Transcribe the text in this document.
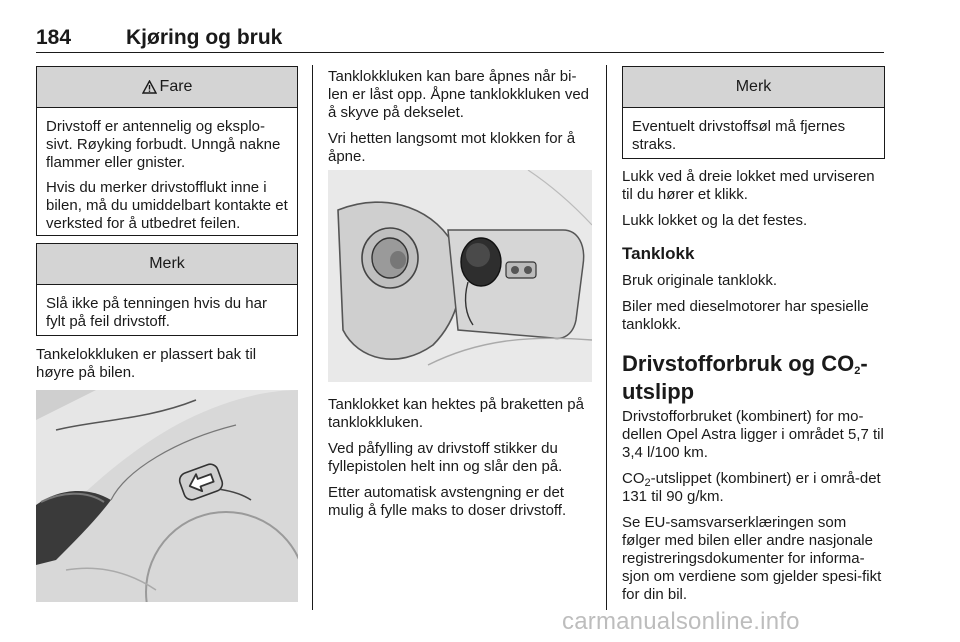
184	Kjøring og bruk
Fare

Drivstoff er antennelig og eksplo-sivt. Røyking forbudt. Unngå nakne flammer eller gnister.

Hvis du merker drivstofflukt inne i bilen, må du umiddelbart kontakte et verksted for å utbedret feilen.

Merk

Slå ikke på tenningen hvis du har fylt på feil drivstoff.

Tankelokkluken er plassert bak til høyre på bilen.

Tanklokkluken kan bare åpnes når bi-len er låst opp. Åpne tanklokkluken ved å skyve på dekselet.

Vri hetten langsomt mot klokken for å åpne.

Tanklokket kan hektes på braketten på tanklokkluken.

Ved påfylling av drivstoff stikker du fyllepistolen helt inn og slår den på.

Etter automatisk avstengning er det mulig å fylle maks to doser drivstoff.

Merk

Eventuelt drivstoffsøl må fjernes straks.

Lukk ved å dreie lokket med urviseren til du hører et klikk.

Lukk lokket og la det festes.

Tanklokk

Bruk originale tanklokk.

Biler med dieselmotorer har spesielle tanklokk.

Drivstofforbruk og $CO_2$-utslipp

Drivstofforbruket (kombinert) for mo-dellen Opel Astra ligger i området 5,7 til 3,4 l/100 km.

$CO_2$-utslippet (kombinert) er i områ-det 131 til 90 g/km.

Se EU-samsvarserklæringen som følger med bilen eller andre nasjonale registreringsdokumenter for informa-sjon om verdiene som gjelder spesi-fikt for din bil.

carmanualsonline.info
